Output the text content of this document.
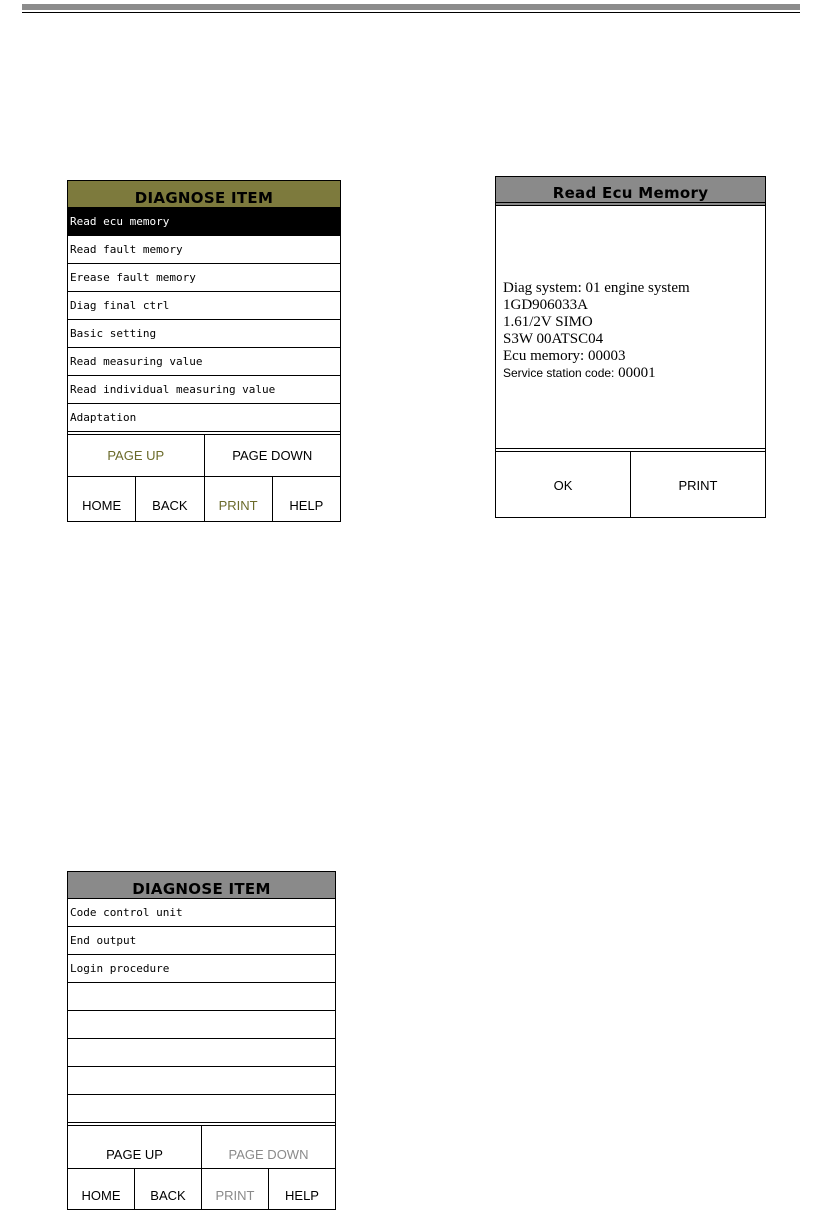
DIAGNOSE ITEM
Read ecu memory
Read fault memory
Erease fault memory
Diag final ctrl
Basic setting
Read measuring value
Read individual measuring value
Adaptation
PAGE UP	PAGE DOWN
HOME	BACK	PRINT	HELP
Read Ecu Memory
Diag system: 01 engine system
1GD906033A
1.61/2V SIMO
S3W 00ATSC04
Ecu memory: 00003
Service station code: 00001
OK	PRINT
DIAGNOSE ITEM
Code control unit
End output
Login procedure
PAGE UP	PAGE DOWN
HOME	BACK	PRINT	HELP
